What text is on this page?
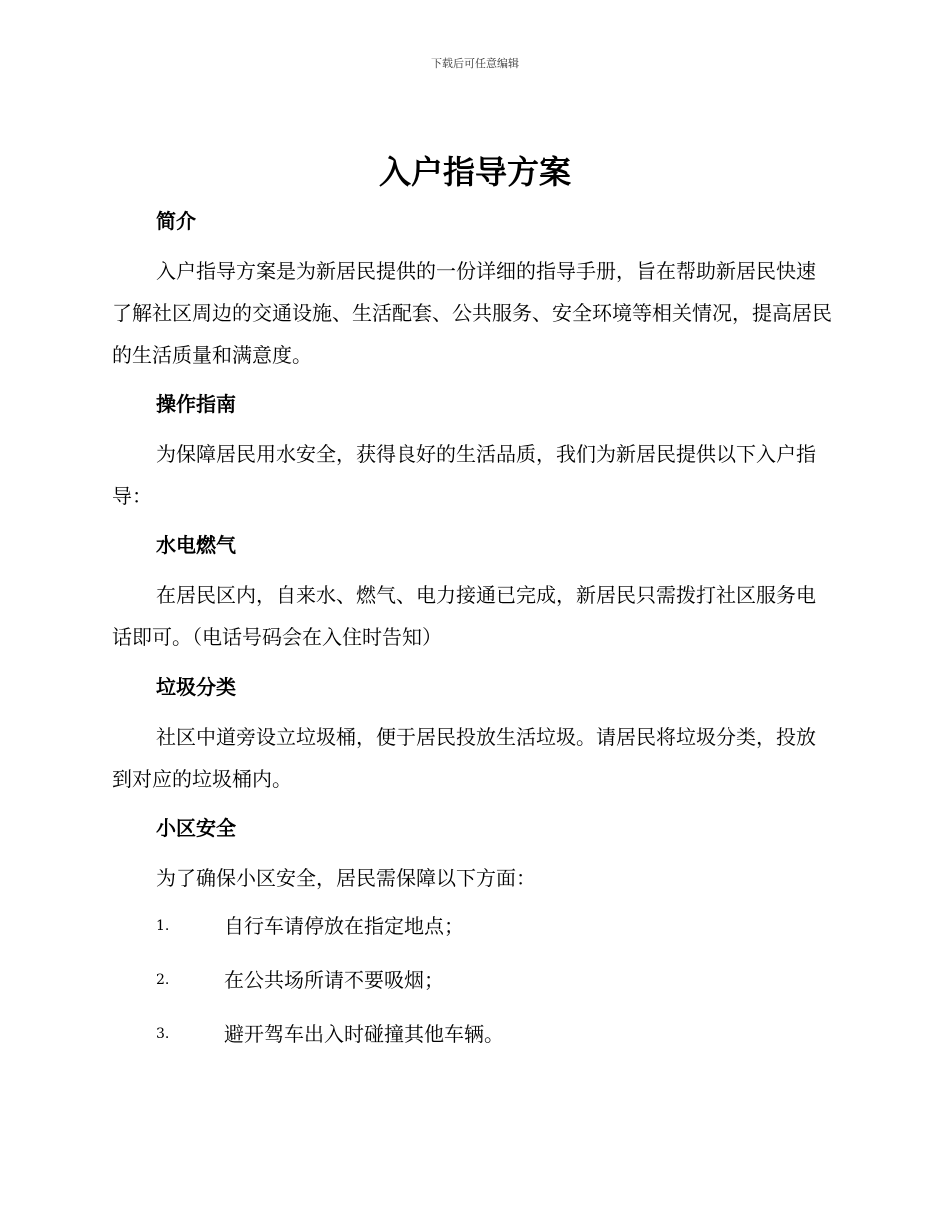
下载后可任意编辑
入户指导方案
简介

入户指导方案是为新居民提供的一份详细的指导手册，旨在帮助新居民快速了解社区周边的交通设施、生活配套、公共服务、安全环境等相关情况，提高居民的生活质量和满意度。

操作指南

为保障居民用水安全，获得良好的生活品质，我们为新居民提供以下入户指导：

水电燃气

在居民区内，自来水、燃气、电力接通已完成，新居民只需拨打社区服务电话即可。（电话号码会在入住时告知）

垃圾分类

社区中道旁设立垃圾桶，便于居民投放生活垃圾。请居民将垃圾分类，投放到对应的垃圾桶内。

小区安全

为了确保小区安全，居民需保障以下方面：

1.	自行车请停放在指定地点；
2.	在公共场所请不要吸烟；
3.	避开驾车出入时碰撞其他车辆。
